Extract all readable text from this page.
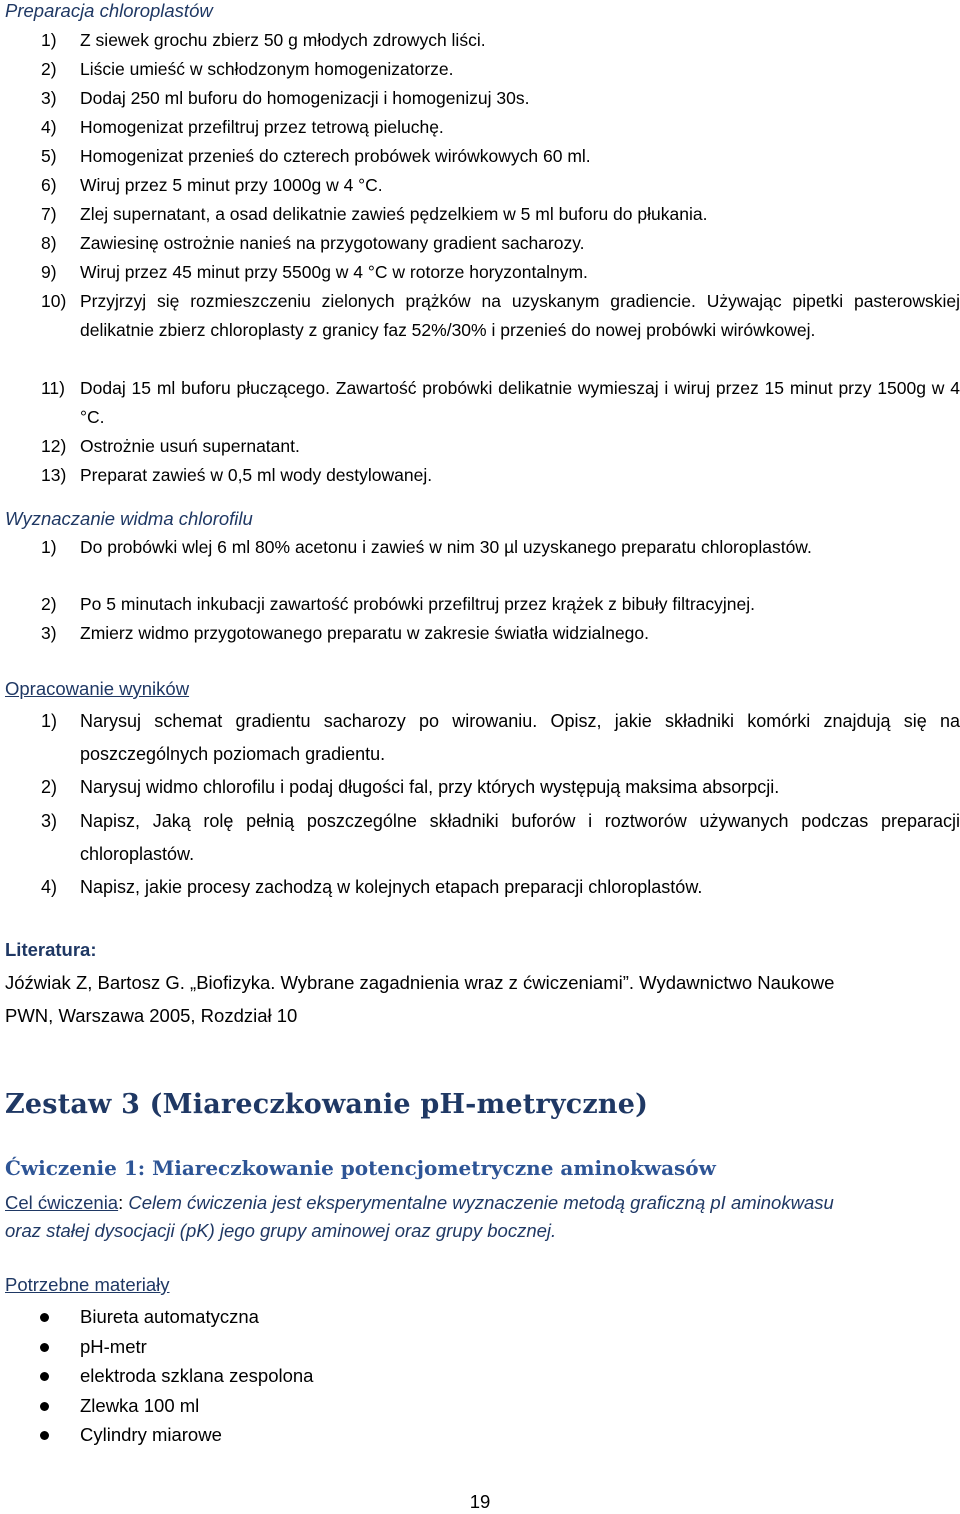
Preparacja chloroplastów
1) Z siewek grochu zbierz 50 g młodych zdrowych liści.
2) Liście umieść w schłodzonym homogenizatorze.
3) Dodaj 250 ml buforu do homogenizacji i homogenizuj 30s.
4) Homogenizat przefiltruj przez tetrową pieluchę.
5) Homogenizat przenieś do czterech probówek wirówkowych 60 ml.
6) Wiruj przez 5 minut przy 1000g w 4 °C.
7) Zlej supernatant, a osad delikatnie zawieś pędzelkiem w 5 ml buforu do płukania.
8) Zawiesinę ostrożnie nanieś na przygotowany gradient sacharozy.
9) Wiruj przez 45 minut przy 5500g w 4 °C w rotorze horyzontalnym.
10) Przyjrzyj się rozmieszczeniu zielonych prążków na uzyskanym gradiencie. Używając pipetki pasterowskiej delikatnie zbierz chloroplasty z granicy faz 52%/30% i przenieś do nowej probówki wirówkowej.
11) Dodaj 15 ml buforu płuczącego. Zawartość probówki delikatnie wymieszaj i wiruj przez 15 minut przy 1500g w 4 °C.
12) Ostrożnie usuń supernatant.
13) Preparat zawieś w 0,5 ml wody destylowanej.
Wyznaczanie widma chlorofilu
1) Do probówki wlej 6 ml 80% acetonu i zawieś w nim 30 µl uzyskanego preparatu chloroplastów.
2) Po 5 minutach inkubacji zawartość probówki przefiltruj przez krążek z bibuły filtracyjnej.
3) Zmierz widmo przygotowanego preparatu w zakresie światła widzialnego.
Opracowanie wyników
1) Narysuj schemat gradientu sacharozy po wirowaniu. Opisz, jakie składniki komórki znajdują się na poszczególnych poziomach gradientu.
2) Narysuj widmo chlorofilu i podaj długości fal, przy których występują maksima absorpcji.
3) Napisz, Jaką rolę pełnią poszczególne składniki buforów i roztworów używanych podczas preparacji chloroplastów.
4) Napisz, jakie procesy zachodzą w kolejnych etapach preparacji chloroplastów.
Literatura:
Jóźwiak Z, Bartosz G. „Biofizyka. Wybrane zagadnienia wraz z ćwiczeniami”. Wydawnictwo Naukowe
PWN, Warszawa 2005, Rozdział 10
Zestaw 3 (Miareczkowanie pH-metryczne)
Ćwiczenie 1: Miareczkowanie potencjometryczne aminokwasów
Cel ćwiczenia: Celem ćwiczenia jest eksperymentalne wyznaczenie metodą graficzną pI aminokwasu
oraz stałej dysocjacji (pK) jego grupy aminowej oraz grupy bocznej.
Potrzebne materiały
Biureta automatyczna
pH-metr
elektroda szklana zespolona
Zlewka 100 ml
Cylindry miarowe
19
